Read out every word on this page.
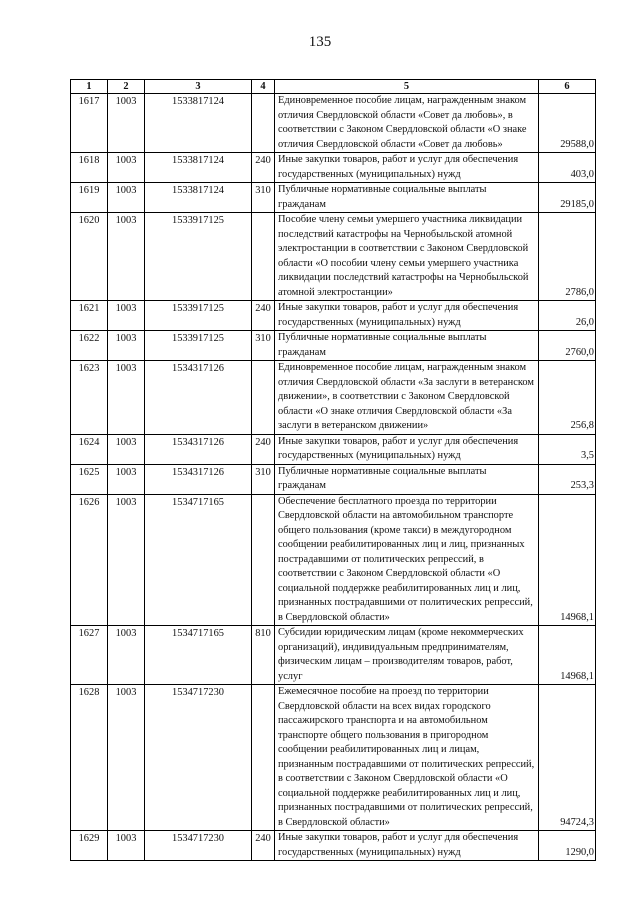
135
1	2	3	4	5	6
1617	1003	1533817124		Единовременное пособие лицам, награжденным знаком отличия Свердловской области «Совет да любовь», в соответствии с Законом Свердловской области «О знаке отличия Свердловской области «Совет да любовь»	29588,0
1618	1003	1533817124	240	Иные закупки товаров, работ и услуг для обеспечения государственных (муниципальных) нужд	403,0
1619	1003	1533817124	310	Публичные нормативные социальные выплаты гражданам	29185,0
1620	1003	1533917125		Пособие члену семьи умершего участника ликвидации последствий катастрофы на Чернобыльской атомной электростанции в соответствии с Законом Свердловской области «О пособии члену семьи умершего участника ликвидации последствий катастрофы на Чернобыльской атомной электростанции»	2786,0
1621	1003	1533917125	240	Иные закупки товаров, работ и услуг для обеспечения государственных (муниципальных) нужд	26,0
1622	1003	1533917125	310	Публичные нормативные социальные выплаты гражданам	2760,0
1623	1003	1534317126		Единовременное пособие лицам, награжденным знаком отличия Свердловской области «За заслуги в ветеранском движении», в соответствии с Законом Свердловской области «О знаке отличия Свердловской области «За заслуги в ветеранском движении»	256,8
1624	1003	1534317126	240	Иные закупки товаров, работ и услуг для обеспечения государственных (муниципальных) нужд	3,5
1625	1003	1534317126	310	Публичные нормативные социальные выплаты гражданам	253,3
1626	1003	1534717165		Обеспечение бесплатного проезда по территории Свердловской области на автомобильном транспорте общего пользования (кроме такси) в междугородном сообщении реабилитированных лиц и лиц, признанных пострадавшими от политических репрессий, в соответствии с Законом Свердловской области «О социальной поддержке реабилитированных лиц и лиц, признанных пострадавшими от политических репрессий, в Свердловской области»	14968,1
1627	1003	1534717165	810	Субсидии юридическим лицам (кроме некоммерческих организаций), индивидуальным предпринимателям, физическим лицам – производителям товаров, работ, услуг	14968,1
1628	1003	1534717230		Ежемесячное пособие на проезд по территории Свердловской области на всех видах городского пассажирского транспорта и на автомобильном транспорте общего пользования в пригородном сообщении реабилитированных лиц и лицам, признанным пострадавшими от политических репрессий, в соответствии с Законом Свердловской области «О социальной поддержке реабилитированных лиц и лиц, признанных пострадавшими от политических репрессий, в Свердловской области»	94724,3
1629	1003	1534717230	240	Иные закупки товаров, работ и услуг для обеспечения государственных (муниципальных) нужд	1290,0
